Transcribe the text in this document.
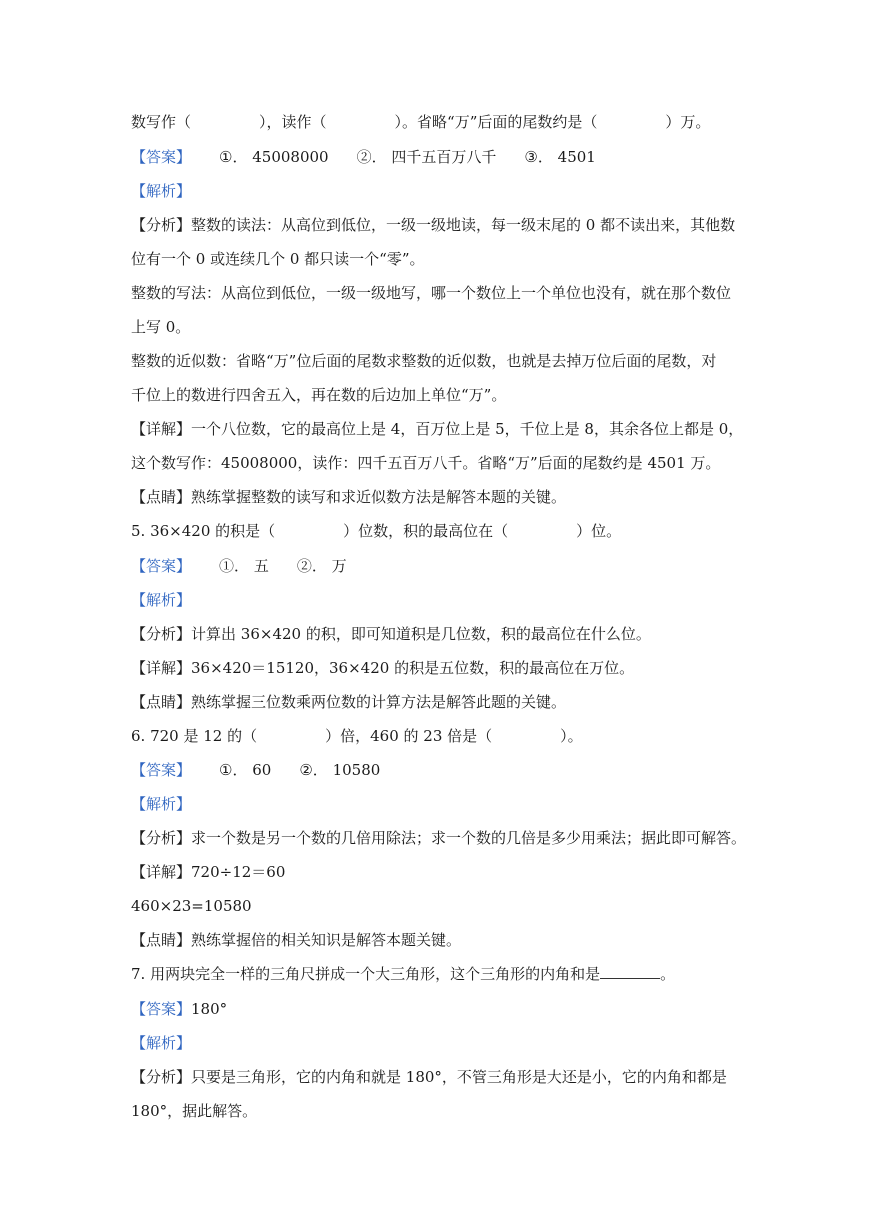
数写作（	），读作（	）。省略“万”后面的尾数约是（	）万。
【答案】 ①． 45008000 ②． 四千五百万八千 ③． 4501
【解析】
【分析】整数的读法：从高位到低位，一级一级地读，每一级末尾的 0 都不读出来，其他数
位有一个 0 或连续几个 0 都只读一个“零”。
整数的写法：从高位到低位，一级一级地写，哪一个数位上一个单位也没有，就在那个数位
上写 0。
整数的近似数：省略“万”位后面的尾数求整数的近似数，也就是去掉万位后面的尾数，对
千位上的数进行四舍五入，再在数的后边加上单位“万”。
【详解】一个八位数，它的最高位上是 4，百万位上是 5，千位上是 8，其余各位上都是 0，
这个数写作：45008000，读作：四千五百万八千。省略“万”后面的尾数约是 4501 万。
【点睛】熟练掌握整数的读写和求近似数方法是解答本题的关键。
5. 36×420 的积是（	）位数，积的最高位在（	）位。
【答案】 ①． 五 ②． 万
【解析】
【分析】计算出 36×420 的积，即可知道积是几位数，积的最高位在什么位。
【详解】36×420＝15120，36×420 的积是五位数，积的最高位在万位。
【点睛】熟练掌握三位数乘两位数的计算方法是解答此题的关键。
6. 720 是 12 的（	）倍，460 的 23 倍是（	）。
【答案】 ①． 60 ②． 10580
【解析】
【分析】求一个数是另一个数的几倍用除法；求一个数的几倍是多少用乘法；据此即可解答。
【详解】720÷12＝60
460×23=10580
【点睛】熟练掌握倍的相关知识是解答本题关键。
7. 用两块完全一样的三角尺拼成一个大三角形，这个三角形的内角和是	。
【答案】180°
【解析】
【分析】只要是三角形，它的内角和就是 180°，不管三角形是大还是小，它的内角和都是
180°，据此解答。
